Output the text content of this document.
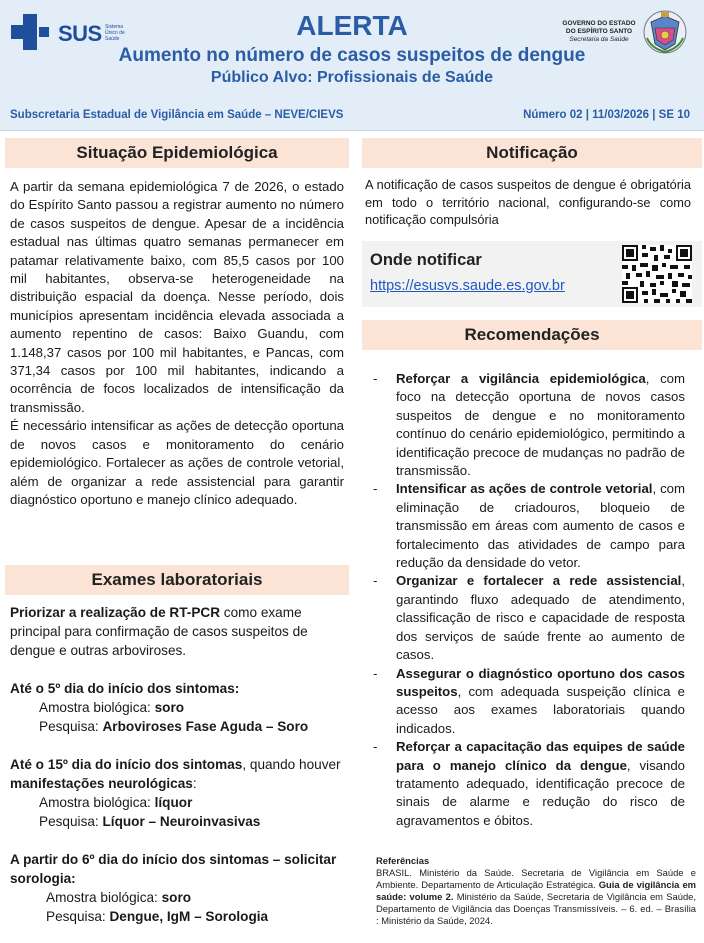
SUS Sistema Único de Saúde	ALERTA
Aumento no número de casos suspeitos de dengue
Público Alvo: Profissionais de Saúde
GOVERNO DO ESTADO
DO ESPÍRITO SANTO
Secretaria da Saúde
Subscretaria Estadual de Vigilância em Saúde – NEVE/CIEVS	Número 02 | 11/03/2026 | SE 10
Situação Epidemiológica

A partir da semana epidemiológica 7 de 2026, o estado do Espírito Santo passou a registrar aumento no número de casos suspeitos de dengue. Apesar de a incidência estadual nas últimas quatro semanas permanecer em patamar relativamente baixo, com 85,5 casos por 100 mil habitantes, observa-se heterogeneidade na distribuição espacial da doença. Nesse período, dois municípios apresentam incidência elevada associada a aumento repentino de casos: Baixo Guandu, com 1.148,37 casos por 100 mil habitantes, e Pancas, com 371,34 casos por 100 mil habitantes, indicando a ocorrência de focos localizados de intensificação da transmissão.

É necessário intensificar as ações de detecção oportuna de novos casos e monitoramento do cenário epidemiológico. Fortalecer as ações de controle vetorial, além de organizar a rede assistencial para garantir diagnóstico oportuno e manejo clínico adequado.

Exames laboratoriais

Priorizar a realização de RT-PCR como exame principal para confirmação de casos suspeitos de dengue e outras arboviroses.

Até o 5º dia do início dos sintomas:

Amostra biológica: soro

Pesquisa: Arboviroses Fase Aguda – Soro

Até o 15º dia do início dos sintomas, quando houver manifestações neurológicas:

Amostra biológica: líquor

Pesquisa: Líquor – Neuroinvasivas

A partir do 6º dia do início dos sintomas – solicitar sorologia:

Amostra biológica: soro

Pesquisa: Dengue, IgM – Sorologia

Notificação
A notificação de casos suspeitos de dengue é obrigatória em todo o território nacional, configurando-se como notificação compulsória
Onde notificar
https://esusvs.saude.es.gov.br
Recomendações
- Reforçar a vigilância epidemiológica, com foco na detecção oportuna de novos casos suspeitos de dengue e no monitoramento contínuo do cenário epidemiológico, permitindo a identificação precoce de mudanças no padrão de transmissão.
- Intensificar as ações de controle vetorial, com eliminação de criadouros, bloqueio de transmissão em áreas com aumento de casos e fortalecimento das atividades de campo para redução da densidade do vetor.
- Organizar e fortalecer a rede assistencial, garantindo fluxo adequado de atendimento, classificação de risco e capacidade de resposta dos serviços de saúde frente ao aumento de casos.
- Assegurar o diagnóstico oportuno dos casos suspeitos, com adequada suspeição clínica e acesso aos exames laboratoriais quando indicados.
- Reforçar a capacitação das equipes de saúde para o manejo clínico da dengue, visando tratamento adequado, identificação precoce de sinais de alarme e redução do risco de agravamentos e óbitos.
Referências
BRASIL. Ministério da Saúde. Secretaria de Vigilância em Saúde e Ambiente. Departamento de Articulação Estratégica. Guia de vigilância em saúde: volume 2. Ministério da Saúde, Secretaria de Vigilância em Saúde, Departamento de Vigilância das Doenças Transmissíveis. – 6. ed. – Brasília : Ministério da Saúde, 2024.
